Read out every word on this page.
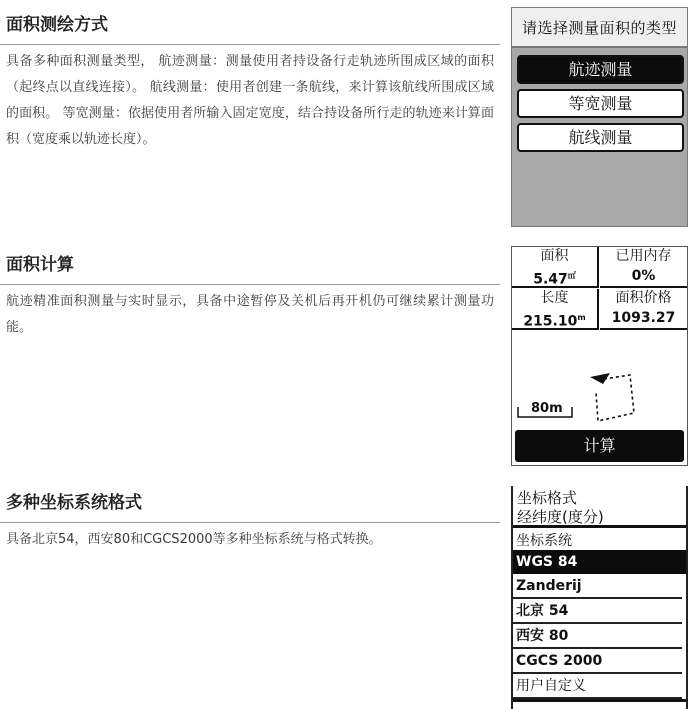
面积测绘方式
具备多种面积测量类型， 航迹测量：测量使用者持设备行走轨迹所围成区域的面积（起终点以直线连接）。 航线测量：使用者创建一条航线，来计算该航线所围成区域的面积。 等宽测量：依据使用者所输入固定宽度，结合持设备所行走的轨迹来计算面积（宽度乘以轨迹长度）。
面积计算
航迹精准面积测量与实时显示，具备中途暂停及关机后再开机仍可继续累计测量功能。
多种坐标系统格式
具备北京54，西安80和CGCS2000等多种坐标系统与格式转换。
请选择测量面积的类型
航迹测量
等宽测量
航线测量
面积
5.47㎡
已用内存
0%
长度
215.10$^m$
面积价格
1093.27
80m
计算
坐标格式
经纬度(度分)
坐标系统
WGS 84
Zanderij
北京 54
西安 80
CGCS 2000
用户自定义
